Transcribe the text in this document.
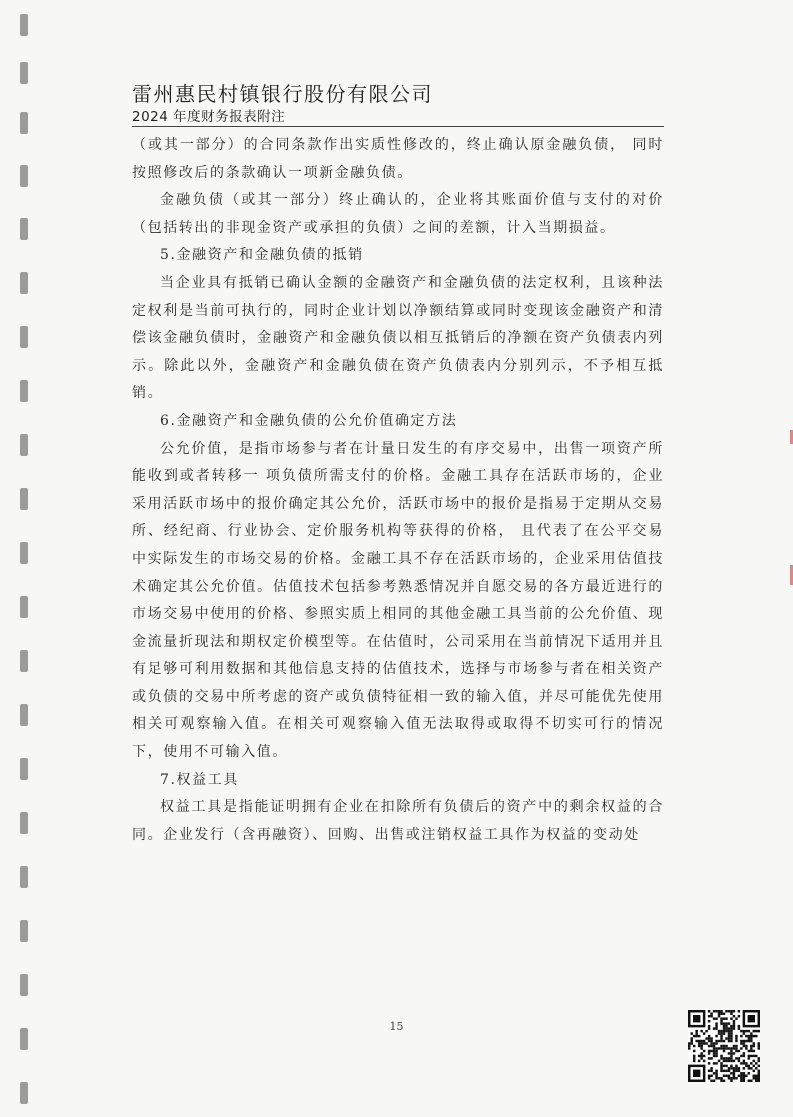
雷州惠民村镇银行股份有限公司
2024 年度财务报表附注

（或其一部分）的合同条款作出实质性修改的，终止确认原金融负债， 同时按照修改后的条款确认一项新金融负债。

金融负债（或其一部分）终止确认的，企业将其账面价值与支付的对价（包括转出的非现金资产或承担的负债）之间的差额，计入当期损益。

5.金融资产和金融负债的抵销

当企业具有抵销已确认金额的金融资产和金融负债的法定权利，且该种法定权利是当前可执行的，同时企业计划以净额结算或同时变现该金融资产和清偿该金融负债时，金融资产和金融负债以相互抵销后的净额在资产负债表内列示。除此以外，金融资产和金融负债在资产负债表内分别列示，不予相互抵销。

6.金融资产和金融负债的公允价值确定方法

公允价值，是指市场参与者在计量日发生的有序交易中，出售一项资产所能收到或者转移一 项负债所需支付的价格。金融工具存在活跃市场的，企业采用活跃市场中的报价确定其公允价，活跃市场中的报价是指易于定期从交易所、经纪商、行业协会、定价服务机构等获得的价格， 且代表了在公平交易中实际发生的市场交易的价格。金融工具不存在活跃市场的，企业采用估值技术确定其公允价值。估值技术包括参考熟悉情况并自愿交易的各方最近进行的市场交易中使用的价格、参照实质上相同的其他金融工具当前的公允价值、现金流量折现法和期权定价模型等。在估值时，公司采用在当前情况下适用并且有足够可利用数据和其他信息支持的估值技术，选择与市场参与者在相关资产或负债的交易中所考虑的资产或负债特征相一致的输入值，并尽可能优先使用相关可观察输入值。在相关可观察输入值无法取得或取得不切实可行的情况下，使用不可输入值。

7.权益工具

权益工具是指能证明拥有企业在扣除所有负债后的资产中的剩余权益的合同。企业发行（含再融资）、回购、出售或注销权益工具作为权益的变动处

15
